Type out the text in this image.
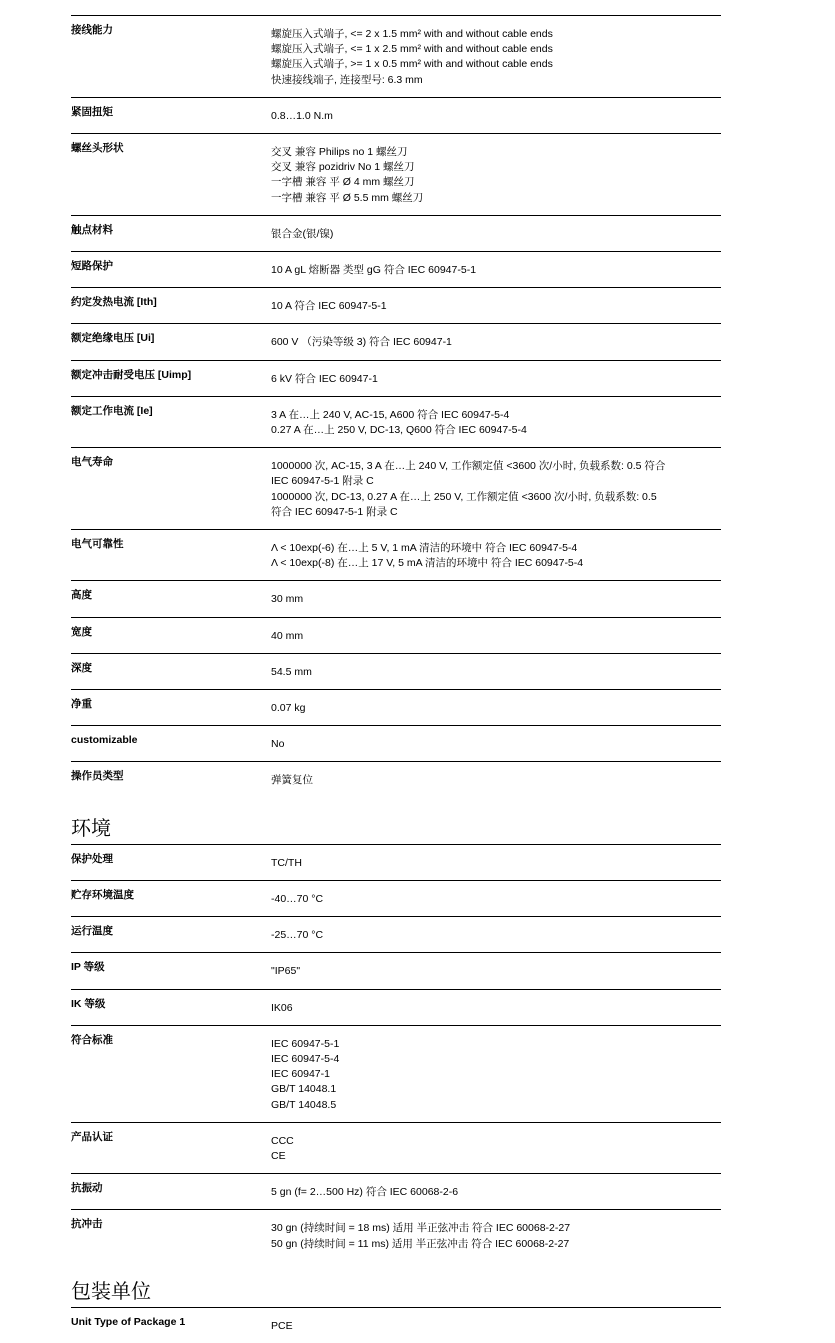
接线能力	螺旋压入式端子, <= 2 x 1.5 mm² with and without cable ends
螺旋压入式端子, <= 1 x 2.5 mm² with and without cable ends
螺旋压入式端子, >= 1 x 0.5 mm² with and without cable ends
快速接线端子, 连接型号: 6.3 mm
紧固扭矩	0.8…1.0 N.m
螺丝头形状	交叉 兼容 Philips no 1 螺丝刀
交叉 兼容 pozidriv No 1 螺丝刀
一字槽 兼容 平 Ø 4 mm 螺丝刀
一字槽 兼容 平 Ø 5.5 mm 螺丝刀
触点材料	银合金(银/镍)
短路保护	10 A gL 熔断器 类型 gG 符合 IEC 60947-5-1
约定发热电流 [Ith]	10 A 符合 IEC 60947-5-1
额定绝缘电压 [Ui]	600 V （污染等级 3) 符合 IEC 60947-1
额定冲击耐受电压 [Uimp]	6 kV 符合 IEC 60947-1
额定工作电流 [Ie]	3 A 在…上 240 V, AC-15, A600 符合 IEC 60947-5-4
0.27 A 在…上 250 V, DC-13, Q600 符合 IEC 60947-5-4
电气寿命	1000000 次, AC-15, 3 A 在…上 240 V, 工作额定值 <3600 次/小时, 负载系数: 0.5 符合
IEC 60947-5-1 附录 C
1000000 次, DC-13, 0.27 A 在…上 250 V, 工作额定值 <3600 次/小时, 负载系数: 0.5
符合 IEC 60947-5-1 附录 C
电气可靠性	Λ < 10exp(-6) 在…上 5 V, 1 mA 清洁的环境中 符合 IEC 60947-5-4
Λ < 10exp(-8) 在…上 17 V, 5 mA 清洁的环境中 符合 IEC 60947-5-4
高度	30 mm
宽度	40 mm
深度	54.5 mm
净重	0.07 kg
customizable	No
操作员类型	弹簧复位
环境
保护处理	TC/TH
贮存环境温度	-40…70 °C
运行温度	-25…70 °C
IP 等级	"IP65"
IK 等级	IK06
符合标准	IEC 60947-5-1
IEC 60947-5-4
IEC 60947-1
GB/T 14048.1
GB/T 14048.5
产品认证	CCC
CE
抗振动	5 gn (f= 2…500 Hz) 符合 IEC 60068-2-6
抗冲击	30 gn (持续时间 = 18 ms) 适用 半正弦冲击 符合 IEC 60068-2-27
50 gn (持续时间 = 11 ms) 适用 半正弦冲击 符合 IEC 60068-2-27
包装单位
Unit Type of Package 1	PCE
